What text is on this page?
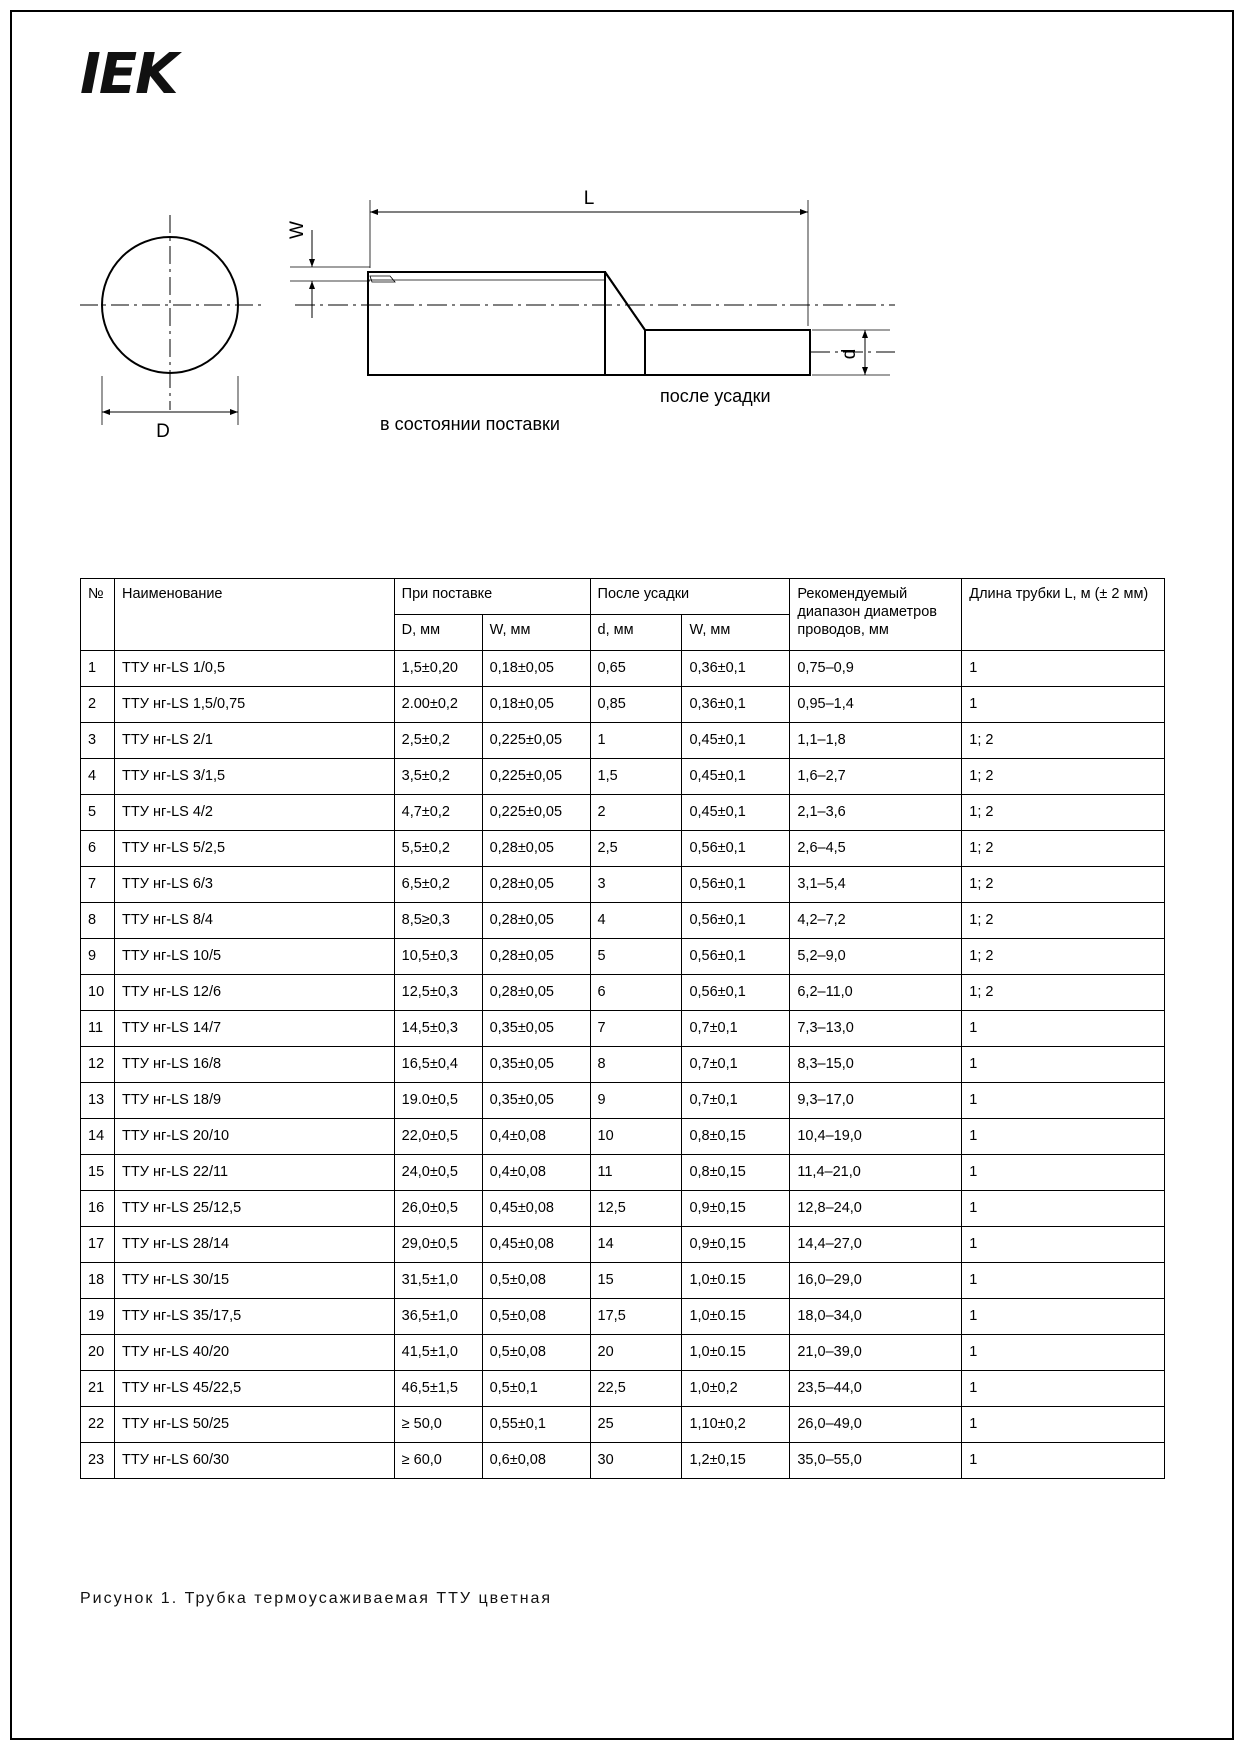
IEK
D
L
W
d
в состоянии поставки
после усадки
№	Наименование	При поставке		После усадки		Рекомендуемый диапазон диаметров проводов, мм	Длина трубки L, м (± 2 мм)
		D, мм	W, мм	d, мм	W, мм		
1	ТТУ нг-LS 1/0,5	1,5±0,20	0,18±0,05	0,65	0,36±0,1	0,75–0,9	1
2	ТТУ нг-LS 1,5/0,75	2.00±0,2	0,18±0,05	0,85	0,36±0,1	0,95–1,4	1
3	ТТУ нг-LS 2/1	2,5±0,2	0,225±0,05	1	0,45±0,1	1,1–1,8	1; 2
4	ТТУ нг-LS 3/1,5	3,5±0,2	0,225±0,05	1,5	0,45±0,1	1,6–2,7	1; 2
5	ТТУ нг-LS 4/2	4,7±0,2	0,225±0,05	2	0,45±0,1	2,1–3,6	1; 2
6	ТТУ нг-LS 5/2,5	5,5±0,2	0,28±0,05	2,5	0,56±0,1	2,6–4,5	1; 2
7	ТТУ нг-LS 6/3	6,5±0,2	0,28±0,05	3	0,56±0,1	3,1–5,4	1; 2
8	ТТУ нг-LS 8/4	8,5≥0,3	0,28±0,05	4	0,56±0,1	4,2–7,2	1; 2
9	ТТУ нг-LS 10/5	10,5±0,3	0,28±0,05	5	0,56±0,1	5,2–9,0	1; 2
10	ТТУ нг-LS 12/6	12,5±0,3	0,28±0,05	6	0,56±0,1	6,2–11,0	1; 2
11	ТТУ нг-LS 14/7	14,5±0,3	0,35±0,05	7	0,7±0,1	7,3–13,0	1
12	ТТУ нг-LS 16/8	16,5±0,4	0,35±0,05	8	0,7±0,1	8,3–15,0	1
13	ТТУ нг-LS 18/9	19.0±0,5	0,35±0,05	9	0,7±0,1	9,3–17,0	1
14	ТТУ нг-LS 20/10	22,0±0,5	0,4±0,08	10	0,8±0,15	10,4–19,0	1
15	ТТУ нг-LS 22/11	24,0±0,5	0,4±0,08	11	0,8±0,15	11,4–21,0	1
16	ТТУ нг-LS 25/12,5	26,0±0,5	0,45±0,08	12,5	0,9±0,15	12,8–24,0	1
17	ТТУ нг-LS 28/14	29,0±0,5	0,45±0,08	14	0,9±0,15	14,4–27,0	1
18	ТТУ нг-LS 30/15	31,5±1,0	0,5±0,08	15	1,0±0.15	16,0–29,0	1
19	ТТУ нг-LS 35/17,5	36,5±1,0	0,5±0,08	17,5	1,0±0.15	18,0–34,0	1
20	ТТУ нг-LS 40/20	41,5±1,0	0,5±0,08	20	1,0±0.15	21,0–39,0	1
21	ТТУ нг-LS 45/22,5	46,5±1,5	0,5±0,1	22,5	1,0±0,2	23,5–44,0	1
22	ТТУ нг-LS 50/25	≥ 50,0	0,55±0,1	25	1,10±0,2	26,0–49,0	1
23	ТТУ нг-LS 60/30	≥ 60,0	0,6±0,08	30	1,2±0,15	35,0–55,0	1
Рисунок 1. Трубка термоусаживаемая ТТУ цветная
